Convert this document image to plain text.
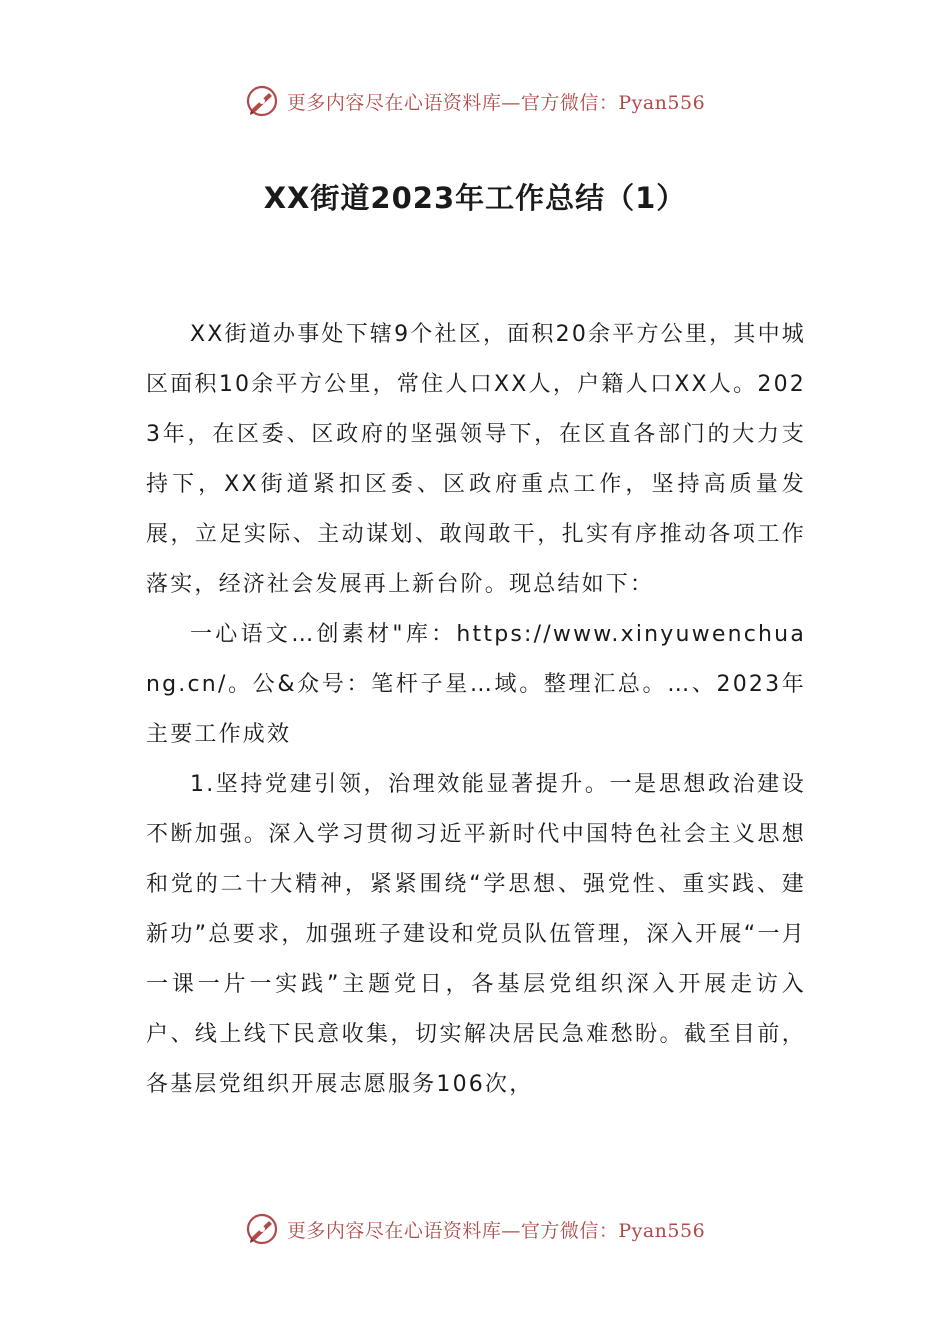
更多内容尽在心语资料库—官方微信：Pyan556
XX街道2023年工作总结（1）

XX街道办事处下辖9个社区，面积20余平方公里，其中城区面积10余平方公里，常住人口XX人，户籍人口XX人。2023年，在区委、区政府的坚强领导下，在区直各部门的大力支持下，XX街道紧扣区委、区政府重点工作，坚持高质量发展，立足实际、主动谋划、敢闯敢干，扎实有序推动各项工作落实，经济社会发展再上新台阶。现总结如下：

一心语文…创素材"库：https://www.xinyuwenchuang.cn/。公&众号：笔杆子星…域。整理汇总。…、2023年主要工作成效

1.坚持党建引领，治理效能显著提升。一是思想政治建设不断加强。深入学习贯彻习近平新时代中国特色社会主义思想和党的二十大精神，紧紧围绕“学思想、强党性、重实践、建新功”总要求，加强班子建设和党员队伍管理，深入开展“一月一课一片一实践”主题党日，各基层党组织深入开展走访入户、线上线下民意收集，切实解决居民急难愁盼。截至目前，各基层党组织开展志愿服务106次，

更多内容尽在心语资料库—官方微信：Pyan556
